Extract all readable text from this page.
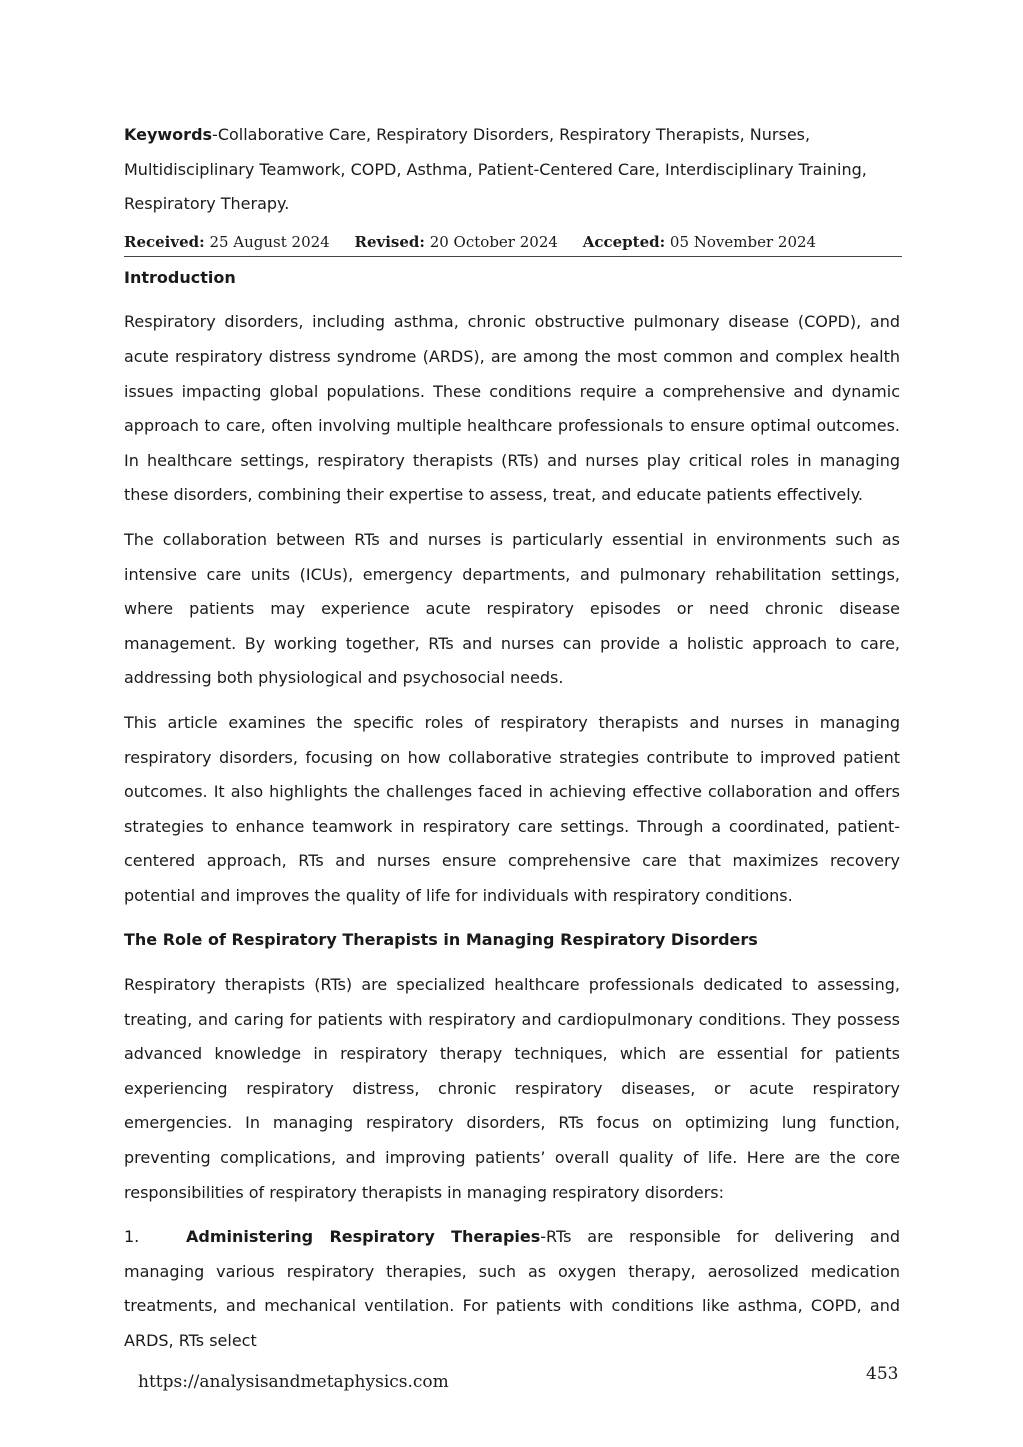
Keywords-Collaborative Care, Respiratory Disorders, Respiratory Therapists, Nurses, Multidisciplinary Teamwork, COPD, Asthma, Patient-Centered Care, Interdisciplinary Training, Respiratory Therapy.

Received: 25 August 2024 Revised: 20 October 2024 Accepted: 05 November 2024
Introduction

Respiratory disorders, including asthma, chronic obstructive pulmonary disease (COPD), and acute respiratory distress syndrome (ARDS), are among the most common and complex health issues impacting global populations. These conditions require a comprehensive and dynamic approach to care, often involving multiple healthcare professionals to ensure optimal outcomes. In healthcare settings, respiratory therapists (RTs) and nurses play critical roles in managing these disorders, combining their expertise to assess, treat, and educate patients effectively.

The collaboration between RTs and nurses is particularly essential in environments such as intensive care units (ICUs), emergency departments, and pulmonary rehabilitation settings, where patients may experience acute respiratory episodes or need chronic disease management. By working together, RTs and nurses can provide a holistic approach to care, addressing both physiological and psychosocial needs.

This article examines the specific roles of respiratory therapists and nurses in managing respiratory disorders, focusing on how collaborative strategies contribute to improved patient outcomes. It also highlights the challenges faced in achieving effective collaboration and offers strategies to enhance teamwork in respiratory care settings. Through a coordinated, patient-centered approach, RTs and nurses ensure comprehensive care that maximizes recovery potential and improves the quality of life for individuals with respiratory conditions.

The Role of Respiratory Therapists in Managing Respiratory Disorders

Respiratory therapists (RTs) are specialized healthcare professionals dedicated to assessing, treating, and caring for patients with respiratory and cardiopulmonary conditions. They possess advanced knowledge in respiratory therapy techniques, which are essential for patients experiencing respiratory distress, chronic respiratory diseases, or acute respiratory emergencies. In managing respiratory disorders, RTs focus on optimizing lung function, preventing complications, and improving patients’ overall quality of life. Here are the core responsibilities of respiratory therapists in managing respiratory disorders:

1.	Administering Respiratory Therapies-RTs are responsible for delivering and managing various respiratory therapies, such as oxygen therapy, aerosolized medication treatments, and mechanical ventilation. For patients with conditions like asthma, COPD, and ARDS, RTs select

https://analysisandmetaphysics.com	453
